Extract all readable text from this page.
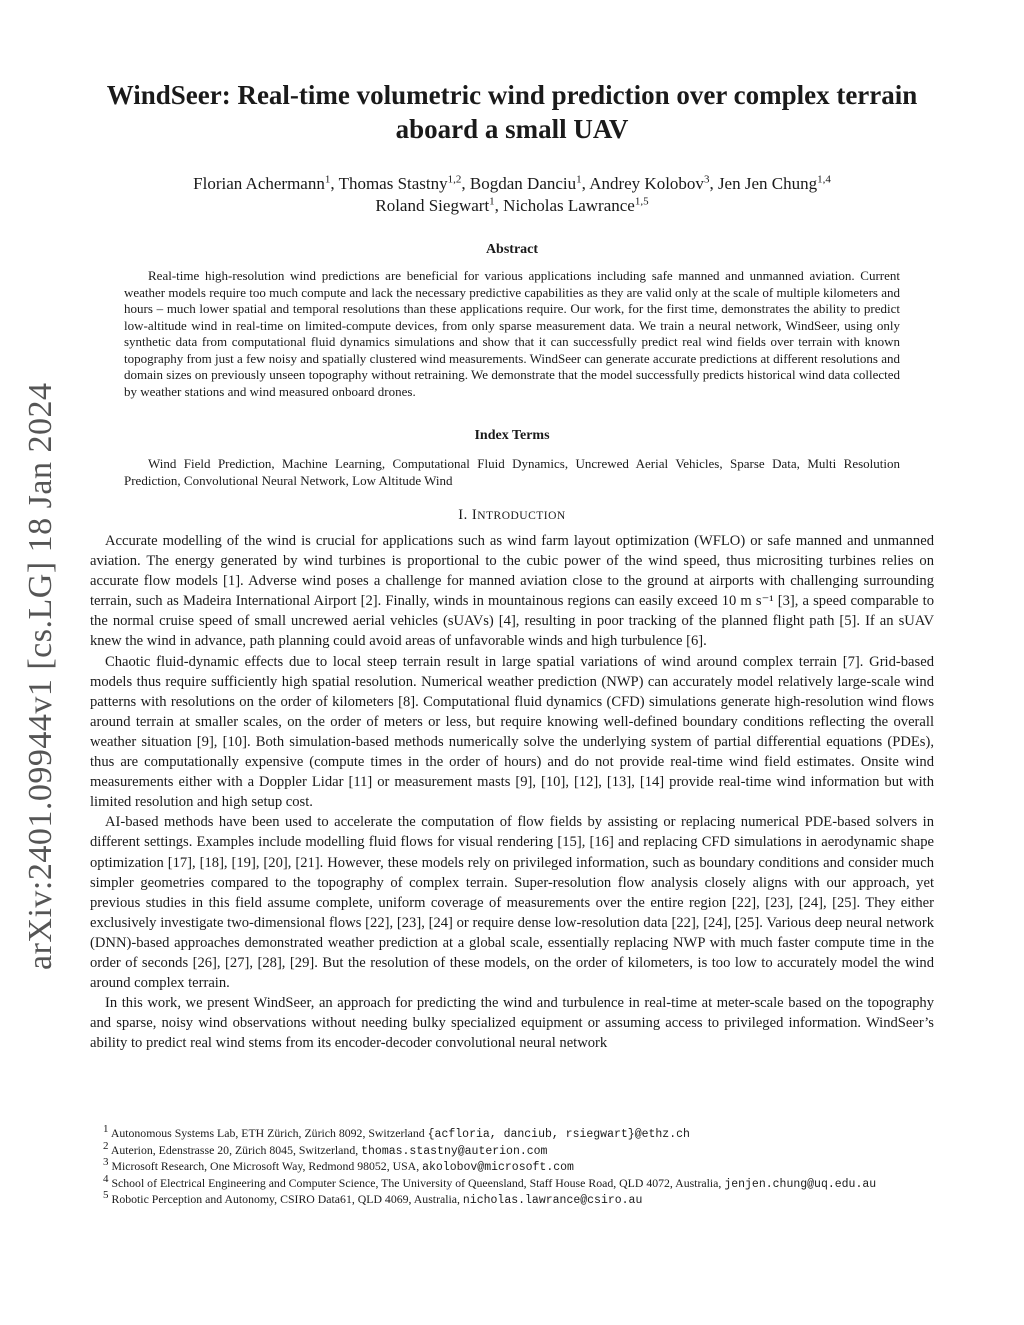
arXiv:2401.09944v1 [cs.LG] 18 Jan 2024
WindSeer: Real-time volumetric wind prediction over complex terrain
aboard a small UAV
Florian Achermann$^1$, Thomas Stastny$^{1,2}$, Bogdan Danciu$^1$, Andrey Kolobov$^3$, Jen Jen Chung$^{1,4}$
Roland Siegwart$^1$, Nicholas Lawrance$^{1,5}$
Abstract

Real-time high-resolution wind predictions are beneficial for various applications including safe manned and unmanned aviation. Current weather models require too much compute and lack the necessary predictive capabilities as they are valid only at the scale of multiple kilometers and hours – much lower spatial and temporal resolutions than these applications require. Our work, for the first time, demonstrates the ability to predict low-altitude wind in real-time on limited-compute devices, from only sparse measurement data. We train a neural network, WindSeer, using only synthetic data from computational fluid dynamics simulations and show that it can successfully predict real wind fields over terrain with known topography from just a few noisy and spatially clustered wind measurements. WindSeer can generate accurate predictions at different resolutions and domain sizes on previously unseen topography without retraining. We demonstrate that the model successfully predicts historical wind data collected by weather stations and wind measured onboard drones.

Index Terms

Wind Field Prediction, Machine Learning, Computational Fluid Dynamics, Uncrewed Aerial Vehicles, Sparse Data, Multi Resolution Prediction, Convolutional Neural Network, Low Altitude Wind

I. INTRODUCTION

Accurate modelling of the wind is crucial for applications such as wind farm layout optimization (WFLO) or safe manned and unmanned aviation. The energy generated by wind turbines is proportional to the cubic power of the wind speed, thus micrositing turbines relies on accurate flow models [1]. Adverse wind poses a challenge for manned aviation close to the ground at airports with challenging surrounding terrain, such as Madeira International Airport [2]. Finally, winds in mountainous regions can easily exceed 10 m s⁻¹ [3], a speed comparable to the normal cruise speed of small uncrewed aerial vehicles (sUAVs) [4], resulting in poor tracking of the planned flight path [5]. If an sUAV knew the wind in advance, path planning could avoid areas of unfavorable winds and high turbulence [6].

Chaotic fluid-dynamic effects due to local steep terrain result in large spatial variations of wind around complex terrain [7]. Grid-based models thus require sufficiently high spatial resolution. Numerical weather prediction (NWP) can accurately model relatively large-scale wind patterns with resolutions on the order of kilometers [8]. Computational fluid dynamics (CFD) simulations generate high-resolution wind flows around terrain at smaller scales, on the order of meters or less, but require knowing well-defined boundary conditions reflecting the overall weather situation [9], [10]. Both simulation-based methods numerically solve the underlying system of partial differential equations (PDEs), thus are computationally expensive (compute times in the order of hours) and do not provide real-time wind field estimates. Onsite wind measurements either with a Doppler Lidar [11] or measurement masts [9], [10], [12], [13], [14] provide real-time wind information but with limited resolution and high setup cost.

AI-based methods have been used to accelerate the computation of flow fields by assisting or replacing numerical PDE-based solvers in different settings. Examples include modelling fluid flows for visual rendering [15], [16] and replacing CFD simulations in aerodynamic shape optimization [17], [18], [19], [20], [21]. However, these models rely on privileged information, such as boundary conditions and consider much simpler geometries compared to the topography of complex terrain. Super-resolution flow analysis closely aligns with our approach, yet previous studies in this field assume complete, uniform coverage of measurements over the entire region [22], [23], [24], [25]. They either exclusively investigate two-dimensional flows [22], [23], [24] or require dense low-resolution data [22], [24], [25]. Various deep neural network (DNN)-based approaches demonstrated weather prediction at a global scale, essentially replacing NWP with much faster compute time in the order of seconds [26], [27], [28], [29]. But the resolution of these models, on the order of kilometers, is too low to accurately model the wind around complex terrain.

In this work, we present WindSeer, an approach for predicting the wind and turbulence in real-time at meter-scale based on the topography and sparse, noisy wind observations without needing bulky specialized equipment or assuming access to privileged information. WindSeer’s ability to predict real wind stems from its encoder-decoder convolutional neural network

$^1$ Autonomous Systems Lab, ETH Zürich, Zürich 8092, Switzerland {acfloria, danciub, rsiegwart}@ethz.ch

$^2$ Auterion, Edenstrasse 20, Zürich 8045, Switzerland, thomas.stastny@auterion.com

$^3$ Microsoft Research, One Microsoft Way, Redmond 98052, USA, akolobov@microsoft.com

$^4$ School of Electrical Engineering and Computer Science, The University of Queensland, Staff House Road, QLD 4072, Australia, jenjen.chung@uq.edu.au

$^5$ Robotic Perception and Autonomy, CSIRO Data61, QLD 4069, Australia, nicholas.lawrance@csiro.au
